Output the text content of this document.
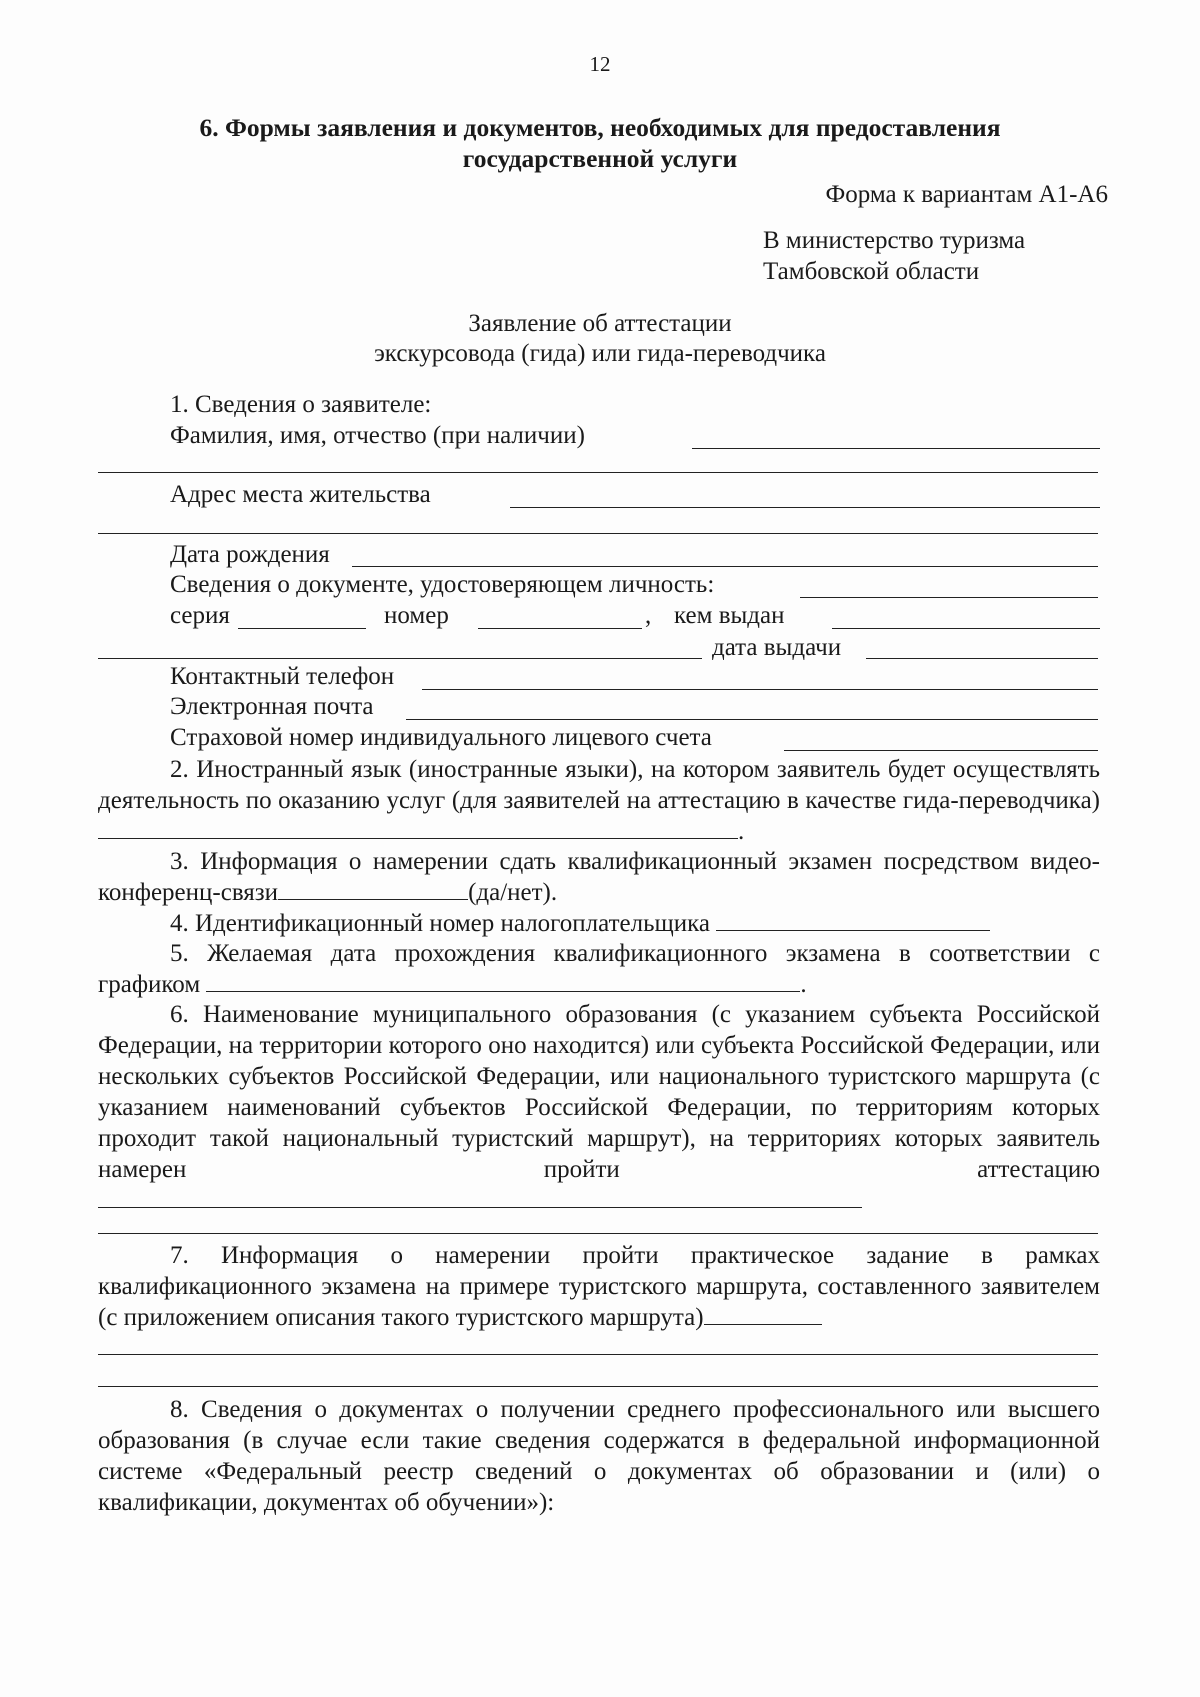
12
6. Формы заявления и документов, необходимых для предоставления
государственной услуги
Форма к вариантам А1-А6
В министерство туризма
Тамбовской области
Заявление об аттестации
экскурсовода (гида) или гида-переводчика
1. Сведения о заявителе:
Фамилия, имя, отчество (при наличии)
Адрес места жительства
Дата рождения
Сведения о документе, удостоверяющем личность:
серия	номер	, кем выдан
дата выдачи
Контактный телефон
Электронная почта
Страховой номер индивидуального лицевого счета
2. Иностранный язык (иностранные языки), на котором заявитель будет осуществлять деятельность по оказанию услуг (для заявителей на аттестацию в качестве гида-переводчика) .
3. Информация о намерении сдать квалификационный экзамен посредством видео-конференц-связи	(да/нет).
4. Идентификационный номер налогоплательщика
5. Желаемая дата прохождения квалификационного экзамена в соответствии с графиком	.
6. Наименование муниципального образования (с указанием субъекта Российской Федерации, на территории которого оно находится) или субъекта Российской Федерации, или нескольких субъектов Российской Федерации, или национального туристского маршрута (с указанием наименований субъектов Российской Федерации, по территориям которых проходит такой национальный туристский маршрут), на территориях которых заявитель намерен пройти аттестацию
7. Информация о намерении пройти практическое задание в рамках квалификационного экзамена на примере туристского маршрута, составленного заявителем (с приложением описания такого туристского маршрута)
8. Сведения о документах о получении среднего профессионального или высшего образования (в случае если такие сведения содержатся в федеральной информационной системе «Федеральный реестр сведений о документах об образовании и (или) о квалификации, документах об обучении»):
